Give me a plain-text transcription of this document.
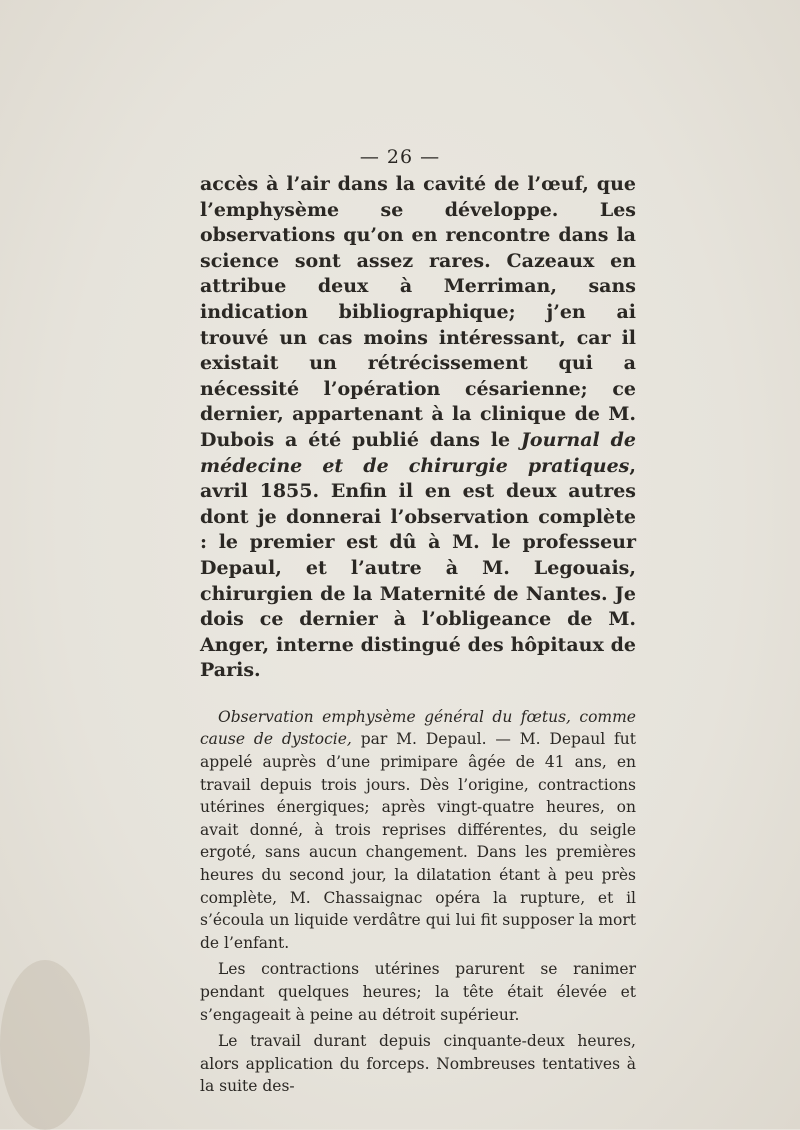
— 26 —

accès à l’air dans la cavité de l’œuf, que l’emphysème se développe. Les observations qu’on en rencontre dans la science sont assez rares. Cazeaux en attribue deux à Merriman, sans indication bibliographique; j’en ai trouvé un cas moins intéressant, car il existait un rétrécissement qui a nécessité l’opération césarienne; ce dernier, appartenant à la clinique de M. Dubois a été publié dans le Journal de médecine et de chirurgie pratiques, avril 1855. Enfin il en est deux autres dont je donnerai l’observation complète : le premier est dû à M. le professeur Depaul, et l’autre à M. Legouais, chirurgien de la Maternité de Nantes. Je dois ce dernier à l’obligeance de M. Anger, interne distingué des hôpitaux de Paris.

Observation emphysème général du fœtus, comme cause de dystocie, par M. Depaul. — M. Depaul fut appelé auprès d’une primipare âgée de 41 ans, en travail depuis trois jours. Dès l’origine, contractions utérines énergiques; après vingt-quatre heures, on avait donné, à trois reprises différentes, du seigle ergoté, sans aucun changement. Dans les premières heures du second jour, la dilatation étant à peu près complète, M. Chassaignac opéra la rupture, et il s’écoula un liquide verdâtre qui lui fit supposer la mort de l’enfant.

Les contractions utérines parurent se ranimer pendant quelques heures; la tête était élevée et s’engageait à peine au détroit supérieur.

Le travail durant depuis cinquante-deux heures, alors application du forceps. Nombreuses tentatives à la suite des-
